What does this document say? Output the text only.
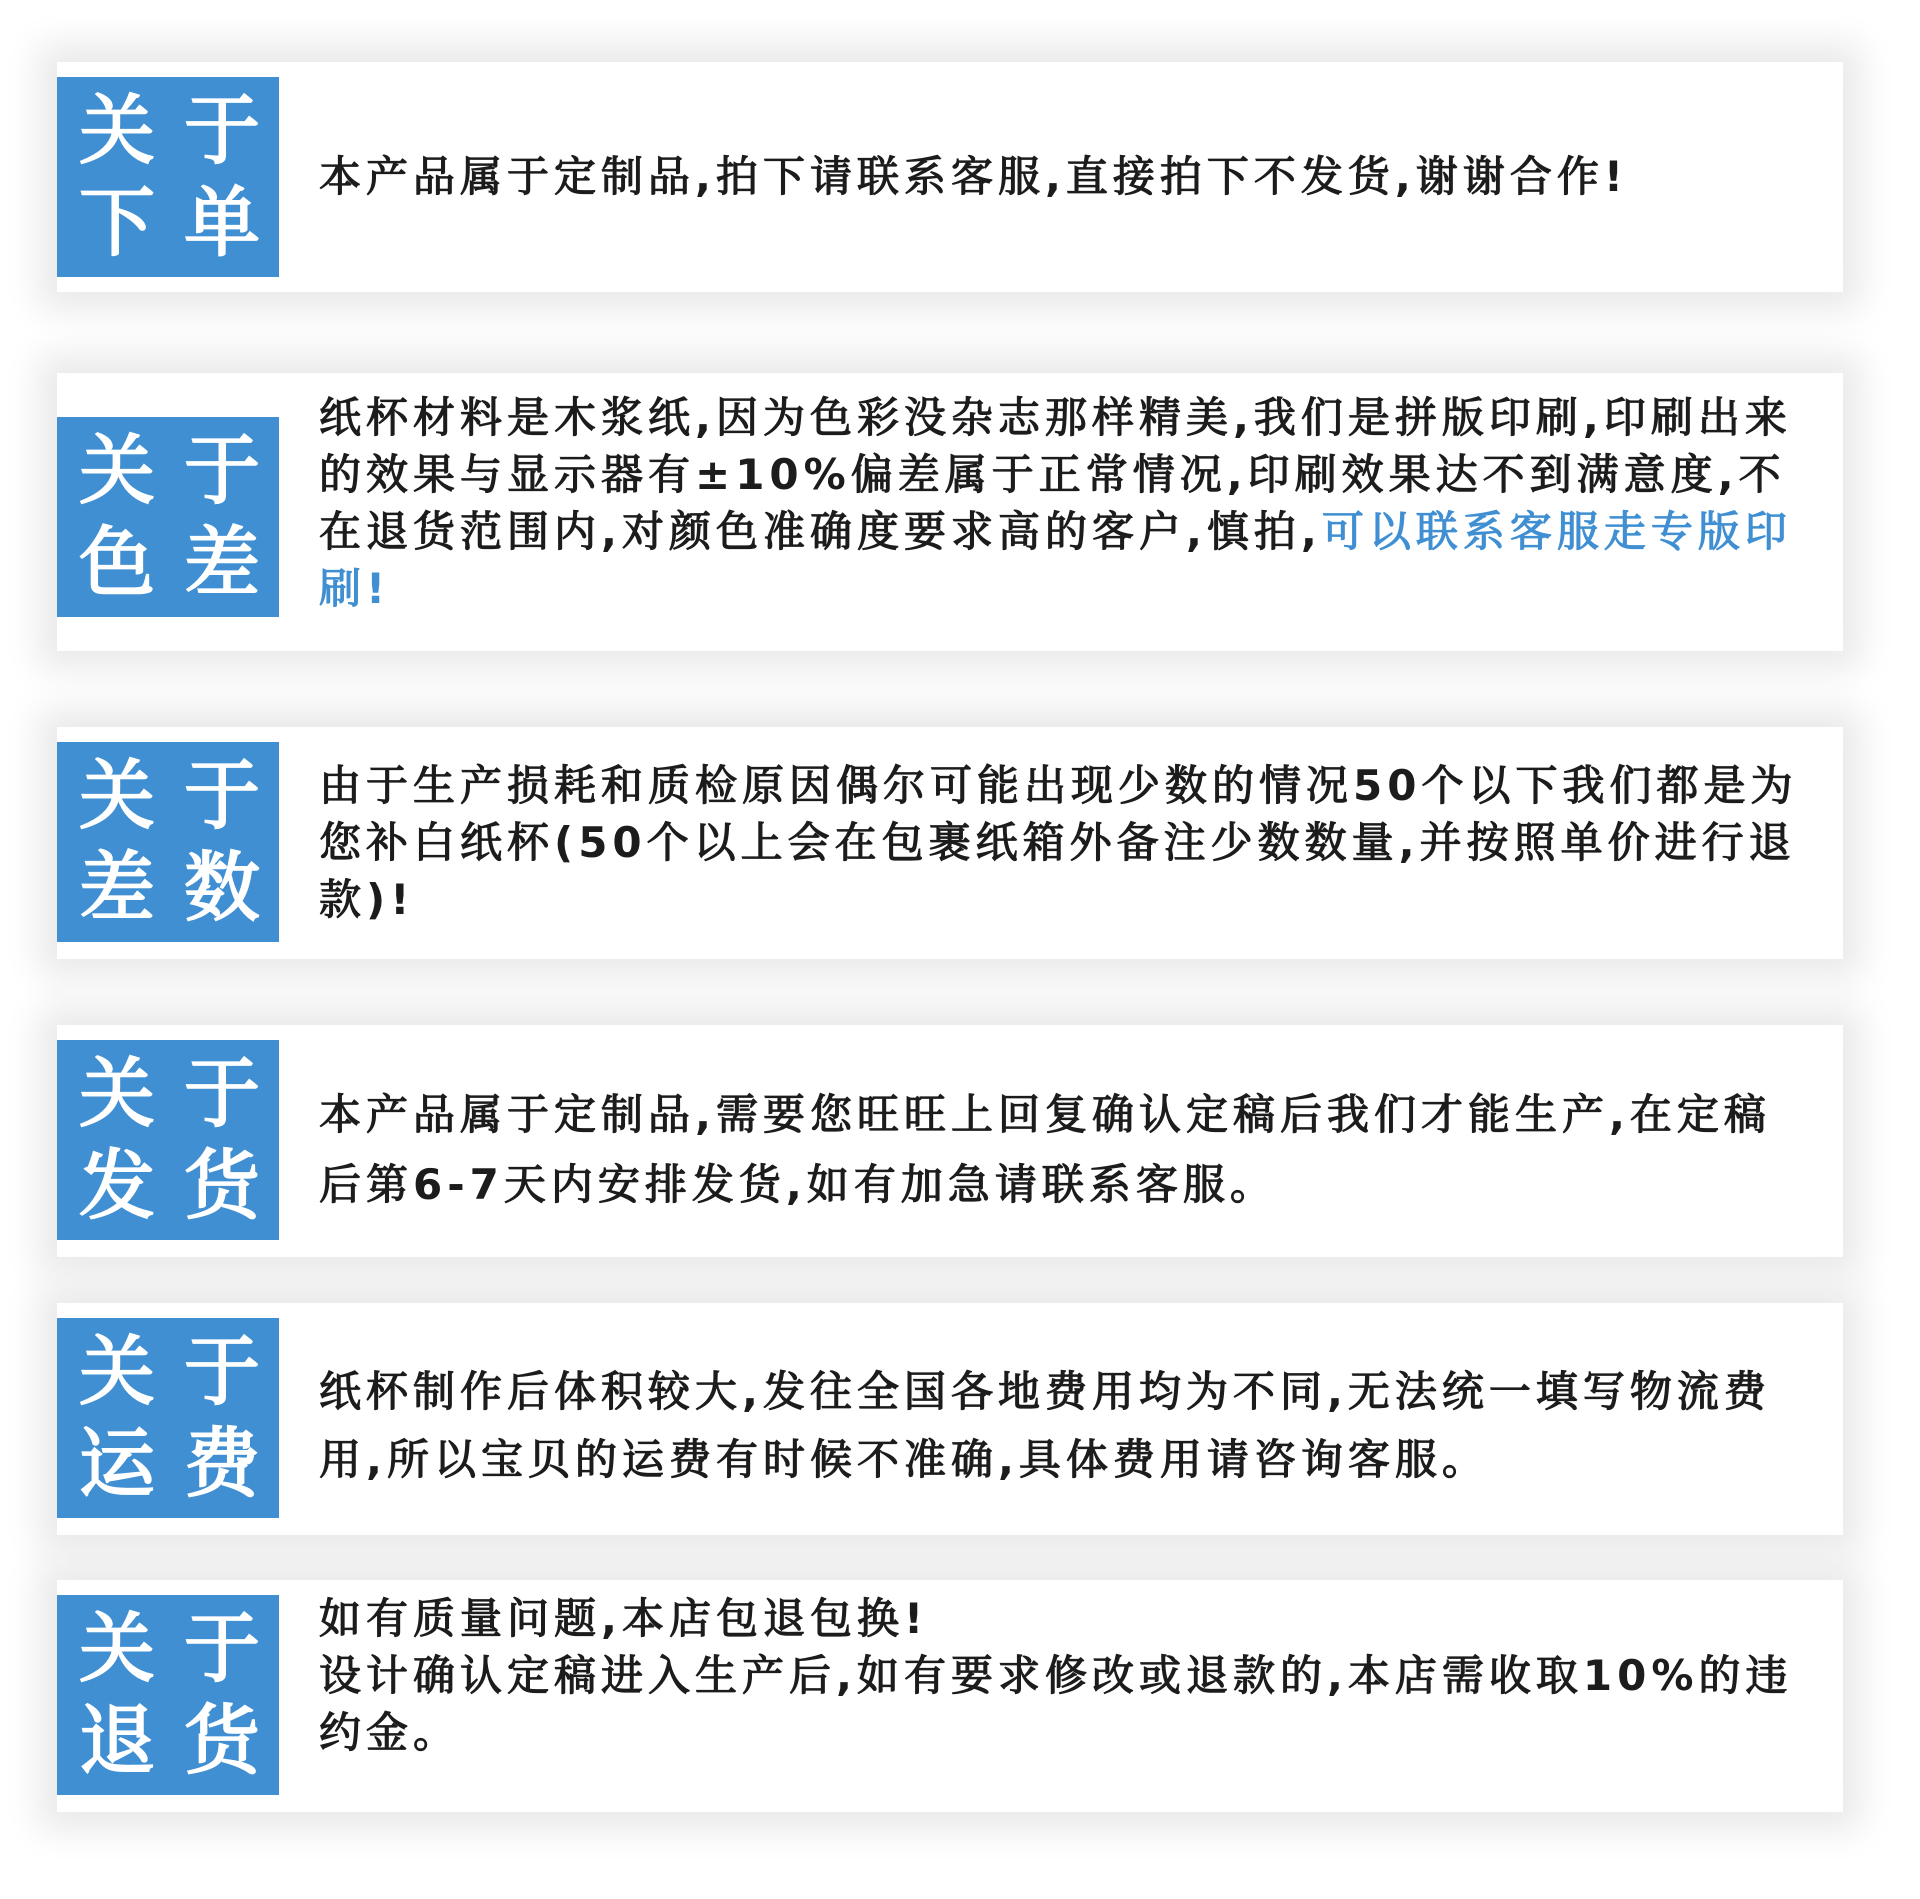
关 于
下 单

本产品属于定制品,拍下请联系客服,直接拍下不发货,谢谢合作!

关 于
色 差

纸杯材料是木浆纸,因为色彩没杂志那样精美,我们是拼版印刷,印刷出来的效果与显示器有±10%偏差属于正常情况,印刷效果达不到满意度,不在退货范围内,对颜色准确度要求高的客户,慎拍,可以联系客服走专版印刷!

关 于
差 数

由于生产损耗和质检原因偶尔可能出现少数的情况50个以下我们都是为您补白纸杯(50个以上会在包裹纸箱外备注少数数量,并按照单价进行退款)!

关 于
发 货

本产品属于定制品,需要您旺旺上回复确认定稿后我们才能生产,在定稿后第6-7天内安排发货,如有加急请联系客服。

关 于
运 费

纸杯制作后体积较大,发往全国各地费用均为不同,无法统一填写物流费用,所以宝贝的运费有时候不准确,具体费用请咨询客服。

关 于
退 货

如有质量问题,本店包退包换!

设计确认定稿进入生产后,如有要求修改或退款的,本店需收取10%的违约金。
